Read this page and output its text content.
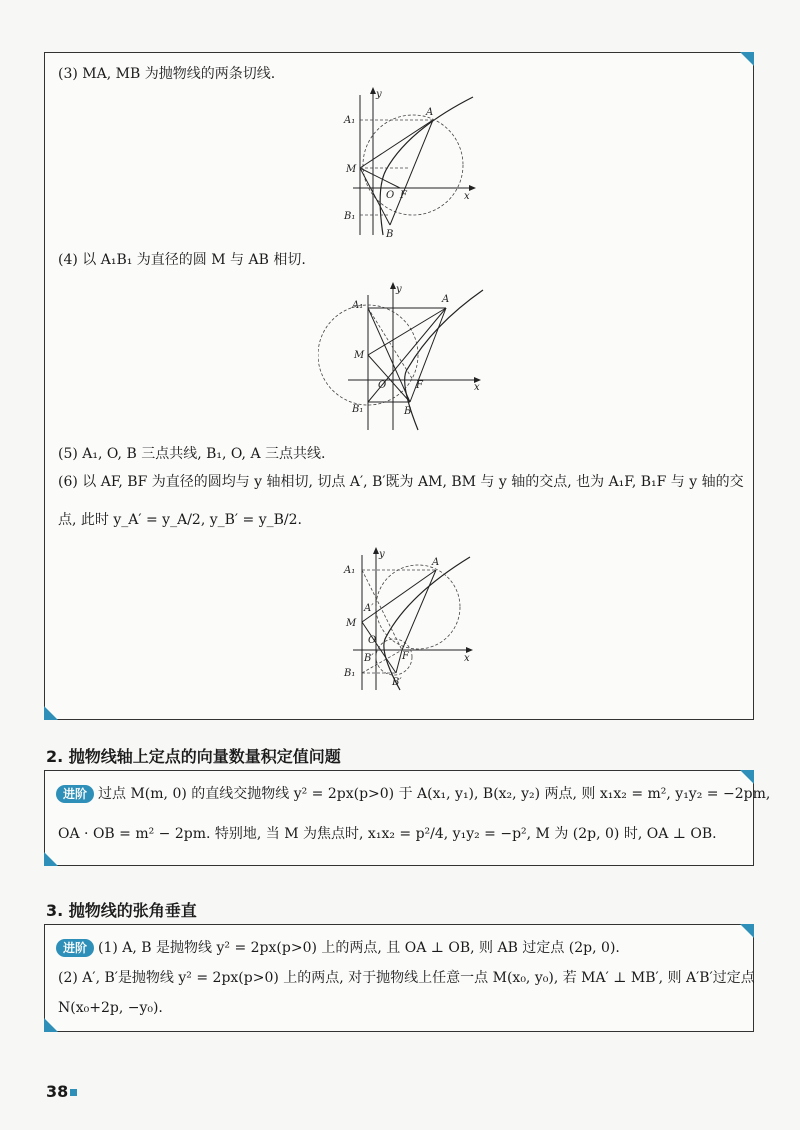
(3) MA, MB 为抛物线的两条切线.
y
A
A₁
M
O F	x
B₁
B
(4) 以 A₁B₁ 为直径的圆 M 与 AB 相切.
y
A
A₁
M
O	F	x
B₁	B
(5) A₁, O, B 三点共线, B₁, O, A 三点共线.
(6) 以 AF, BF 为直径的圆均与 y 轴相切, 切点 A′, B′既为 AM, BM 与 y 轴的交点, 也为 A₁F, B₁F 与 y 轴的交
点, 此时 y_A′ = y_A/2, y_B′ = y_B/2.
y
A
A₁
A′
M
O
F	x
B′
B₁
B′
2. 抛物线轴上定点的向量数量积定值问题
进阶 过点 M(m, 0) 的直线交抛物线 y² = 2px(p>0) 于 A(x₁, y₁), B(x₂, y₂) 两点, 则 x₁x₂ = m², y₁y₂ = −2pm,
OA · OB = m² − 2pm. 特别地, 当 M 为焦点时, x₁x₂ = p²/4, y₁y₂ = −p², M 为 (2p, 0) 时, OA ⊥ OB.
3. 抛物线的张角垂直
进阶 (1) A, B 是抛物线 y² = 2px(p>0) 上的两点, 且 OA ⊥ OB, 则 AB 过定点 (2p, 0).
(2) A′, B′是抛物线 y² = 2px(p>0) 上的两点, 对于抛物线上任意一点 M(x₀, y₀), 若 MA′ ⊥ MB′, 则 A′B′过定点
N(x₀+2p, −y₀).
38
